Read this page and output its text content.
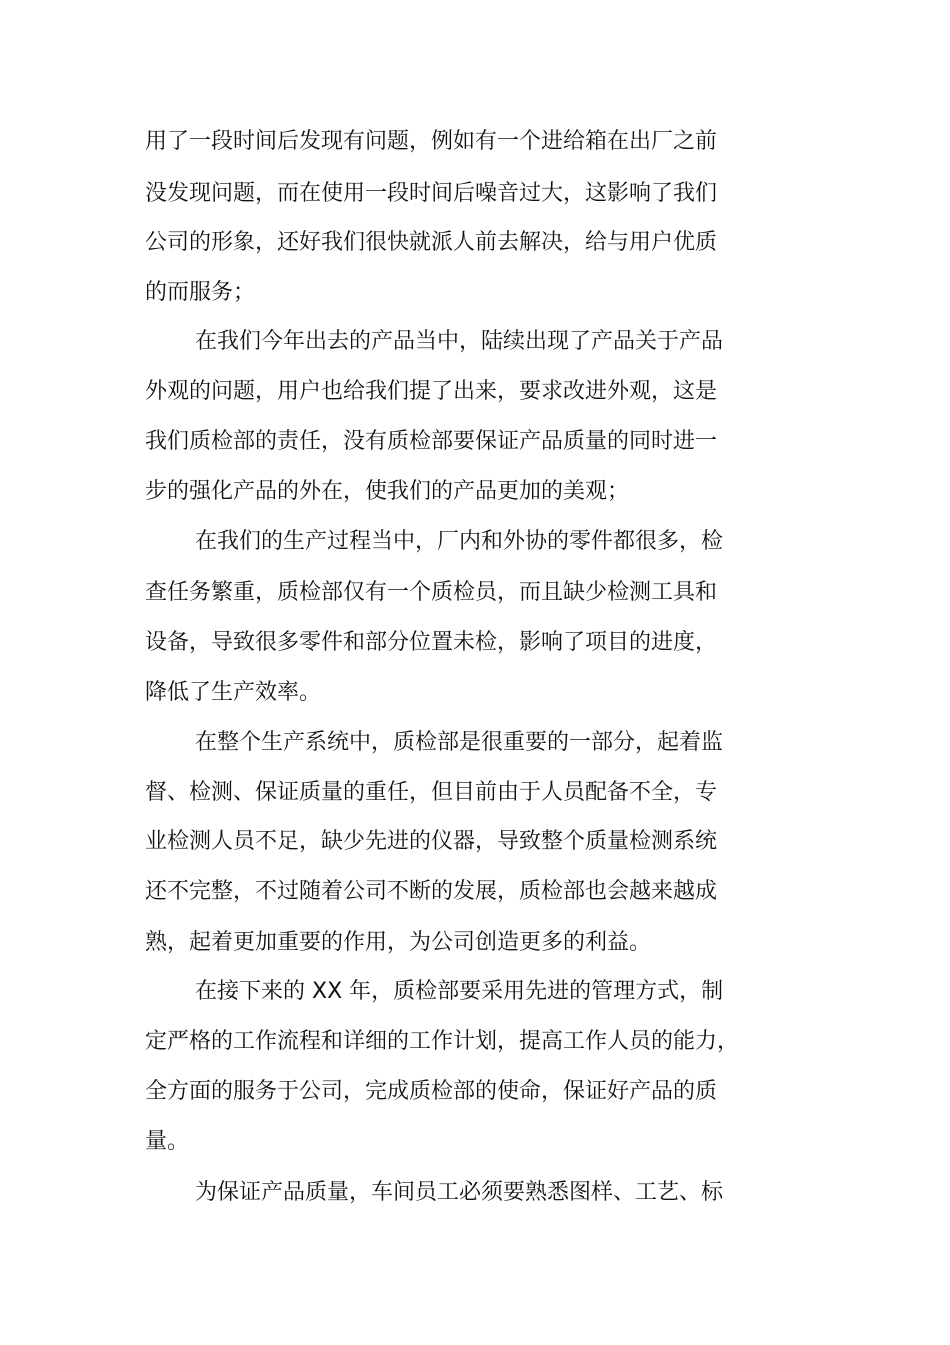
用了一段时间后发现有问题，例如有一个进给箱在出厂之前
没发现问题，而在使用一段时间后噪音过大，这影响了我们
公司的形象，还好我们很快就派人前去解决，给与用户优质
的而服务；
在我们今年出去的产品当中，陆续出现了产品关于产品
外观的问题，用户也给我们提了出来，要求改进外观，这是
我们质检部的责任，没有质检部要保证产品质量的同时进一
步的强化产品的外在，使我们的产品更加的美观；
在我们的生产过程当中，厂内和外协的零件都很多，检
查任务繁重，质检部仅有一个质检员，而且缺少检测工具和
设备，导致很多零件和部分位置未检，影响了项目的进度，
降低了生产效率。
在整个生产系统中，质检部是很重要的一部分，起着监
督、检测、保证质量的重任，但目前由于人员配备不全，专
业检测人员不足，缺少先进的仪器，导致整个质量检测系统
还不完整，不过随着公司不断的发展，质检部也会越来越成
熟，起着更加重要的作用，为公司创造更多的利益。
在接下来的 XX 年，质检部要采用先进的管理方式，制
定严格的工作流程和详细的工作计划，提高工作人员的能力，
全方面的服务于公司，完成质检部的使命，保证好产品的质
量。
为保证产品质量，车间员工必须要熟悉图样、工艺、标
